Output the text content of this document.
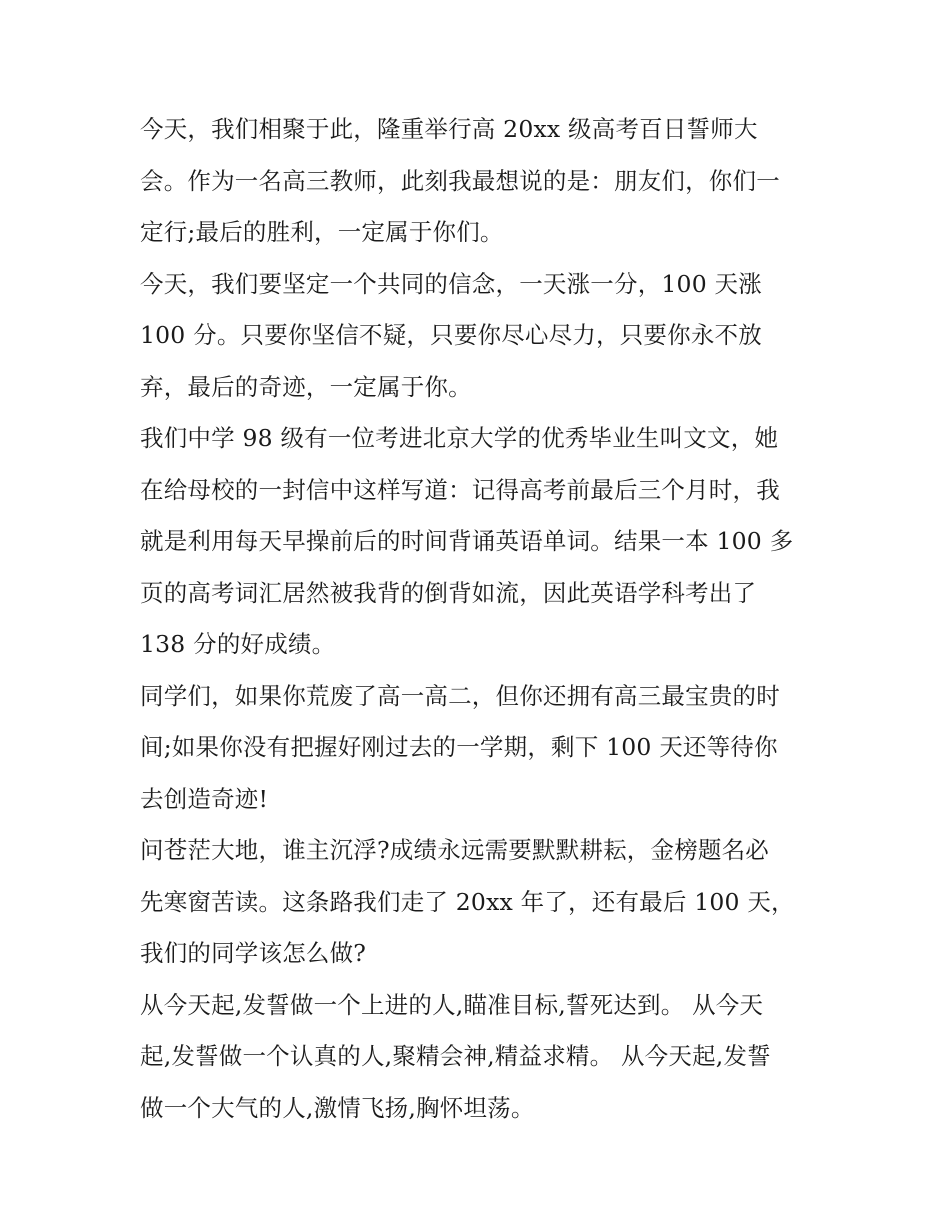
今天，我们相聚于此，隆重举行高 20xx 级高考百日誓师大
会。作为一名高三教师，此刻我最想说的是：朋友们，你们一
定行;最后的胜利，一定属于你们。
今天，我们要坚定一个共同的信念，一天涨一分，100 天涨
100 分。只要你坚信不疑，只要你尽心尽力，只要你永不放
弃，最后的奇迹，一定属于你。
我们中学 98 级有一位考进北京大学的优秀毕业生叫文文，她
在给母校的一封信中这样写道：记得高考前最后三个月时，我
就是利用每天早操前后的时间背诵英语单词。结果一本 100 多
页的高考词汇居然被我背的倒背如流，因此英语学科考出了
138 分的好成绩。
同学们，如果你荒废了高一高二，但你还拥有高三最宝贵的时
间;如果你没有把握好刚过去的一学期，剩下 100 天还等待你
去创造奇迹!
问苍茫大地，谁主沉浮?成绩永远需要默默耕耘，金榜题名必
先寒窗苦读。这条路我们走了 20xx 年了，还有最后 100 天，
我们的同学该怎么做?
从今天起,发誓做一个上进的人,瞄准目标,誓死达到。 从今天
起,发誓做一个认真的人,聚精会神,精益求精。 从今天起,发誓
做一个大气的人,激情飞扬,胸怀坦荡。
